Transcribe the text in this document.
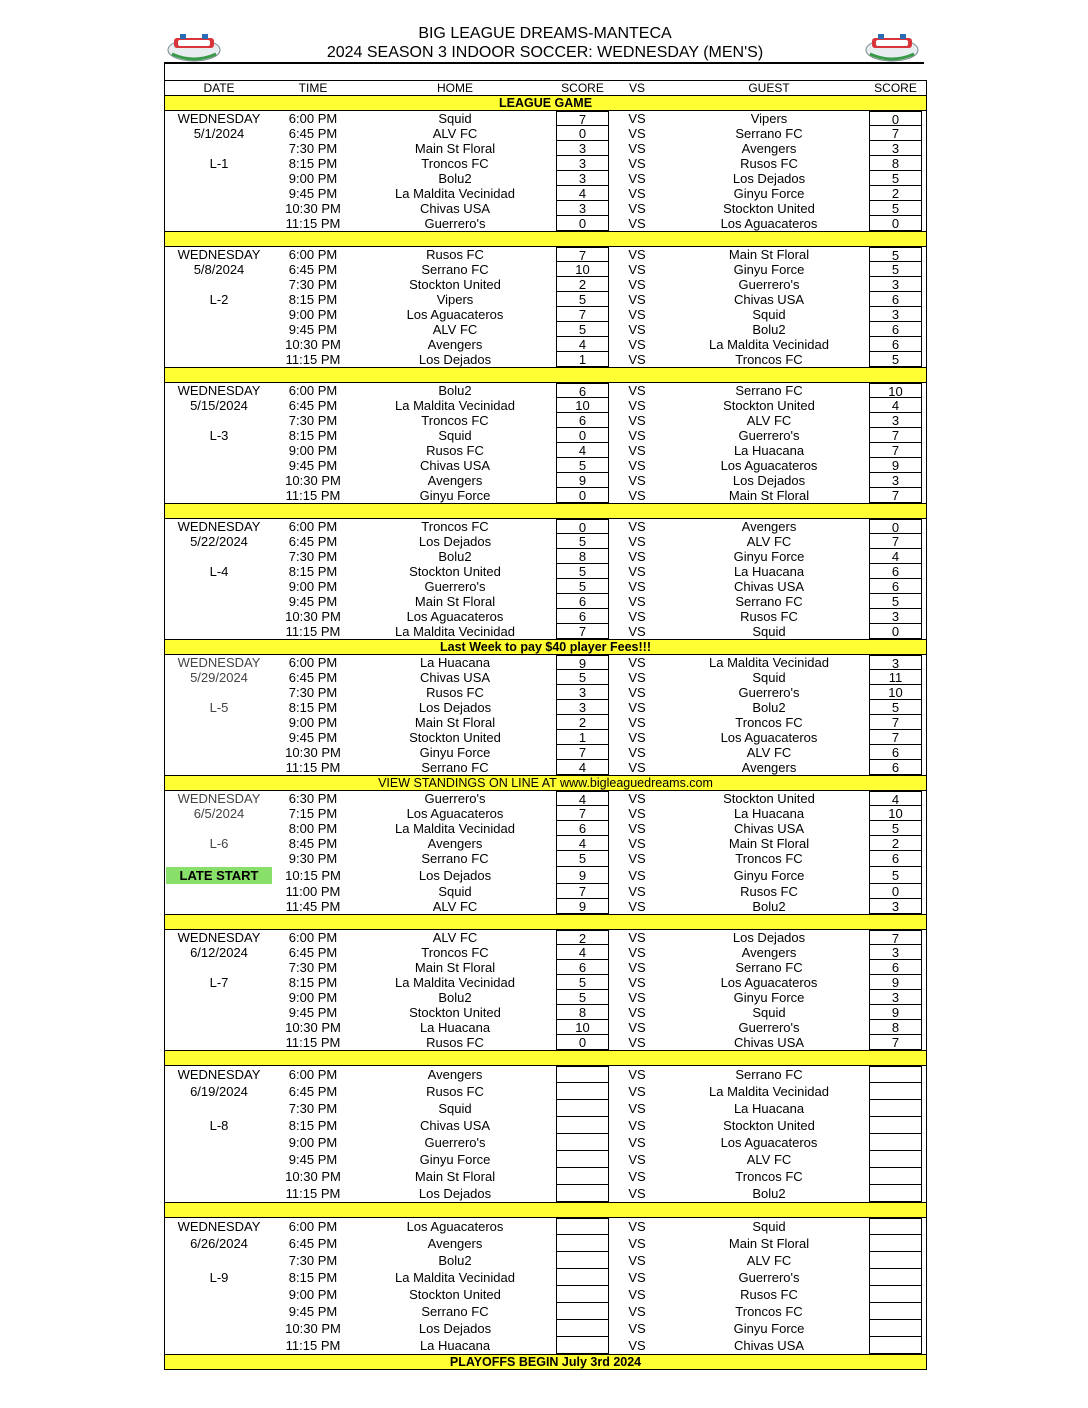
BIG LEAGUE DREAMS-MANTECA
2024 SEASON 3 INDOOR SOCCER: WEDNESDAY (MEN'S)
DATE	TIME	HOME	SCORE	VS	GUEST	SCORE
LEAGUE GAME
WEDNESDAY	6:00 PM	Squid	7	VS	Vipers	0
5/1/2024	6:45 PM	ALV FC	0	VS	Serrano FC	7
7:30 PM	Main St Floral	3	VS	Avengers	3
L-1	8:15 PM	Troncos FC	3	VS	Rusos FC	8
9:00 PM	Bolu2	3	VS	Los Dejados	5
9:45 PM	La Maldita Vecinidad	4	VS	Ginyu Force	2
10:30 PM	Chivas USA	3	VS	Stockton United	5
11:15 PM	Guerrero's	0	VS	Los Aguacateros	0
WEDNESDAY	6:00 PM	Rusos FC	7	VS	Main St Floral	5
5/8/2024	6:45 PM	Serrano FC	10	VS	Ginyu Force	5
7:30 PM	Stockton United	2	VS	Guerrero's	3
L-2	8:15 PM	Vipers	5	VS	Chivas USA	6
9:00 PM	Los Aguacateros	7	VS	Squid	3
9:45 PM	ALV FC	5	VS	Bolu2	6
10:30 PM	Avengers	4	VS	La Maldita Vecinidad	6
11:15 PM	Los Dejados	1	VS	Troncos FC	5
WEDNESDAY	6:00 PM	Bolu2	6	VS	Serrano FC	10
5/15/2024	6:45 PM	La Maldita Vecinidad	10	VS	Stockton United	4
7:30 PM	Troncos FC	6	VS	ALV FC	3
L-3	8:15 PM	Squid	0	VS	Guerrero's	7
9:00 PM	Rusos FC	4	VS	La Huacana	7
9:45 PM	Chivas USA	5	VS	Los Aguacateros	9
10:30 PM	Avengers	9	VS	Los Dejados	3
11:15 PM	Ginyu Force	0	VS	Main St Floral	7
WEDNESDAY	6:00 PM	Troncos FC	0	VS	Avengers	0
5/22/2024	6:45 PM	Los Dejados	5	VS	ALV FC	7
7:30 PM	Bolu2	8	VS	Ginyu Force	4
L-4	8:15 PM	Stockton United	5	VS	La Huacana	6
9:00 PM	Guerrero's	5	VS	Chivas USA	6
9:45 PM	Main St Floral	6	VS	Serrano FC	5
10:30 PM	Los Aguacateros	6	VS	Rusos FC	3
11:15 PM	La Maldita Vecinidad	7	VS	Squid	0
Last Week to pay $40 player Fees!!!
WEDNESDAY	6:00 PM	La Huacana	9	VS	La Maldita Vecinidad	3
5/29/2024	6:45 PM	Chivas USA	5	VS	Squid	11
7:30 PM	Rusos FC	3	VS	Guerrero's	10
L-5	8:15 PM	Los Dejados	3	VS	Bolu2	5
9:00 PM	Main St Floral	2	VS	Troncos FC	7
9:45 PM	Stockton United	1	VS	Los Aguacateros	7
10:30 PM	Ginyu Force	7	VS	ALV FC	6
11:15 PM	Serrano FC	4	VS	Avengers	6
VIEW STANDINGS ON LINE AT www.bigleaguedreams.com
WEDNESDAY	6:30 PM	Guerrero's	4	VS	Stockton United	4
6/5/2024	7:15 PM	Los Aguacateros	7	VS	La Huacana	10
8:00 PM	La Maldita Vecinidad	6	VS	Chivas USA	5
L-6	8:45 PM	Avengers	4	VS	Main St Floral	2
9:30 PM	Serrano FC	5	VS	Troncos FC	6
LATE START	10:15 PM	Los Dejados	9	VS	Ginyu Force	5
11:00 PM	Squid	7	VS	Rusos FC	0
11:45 PM	ALV FC	9	VS	Bolu2	3
WEDNESDAY	6:00 PM	ALV FC	2	VS	Los Dejados	7
6/12/2024	6:45 PM	Troncos FC	4	VS	Avengers	3
7:30 PM	Main St Floral	6	VS	Serrano FC	6
L-7	8:15 PM	La Maldita Vecinidad	5	VS	Los Aguacateros	9
9:00 PM	Bolu2	5	VS	Ginyu Force	3
9:45 PM	Stockton United	8	VS	Squid	9
10:30 PM	La Huacana	10	VS	Guerrero's	8
11:15 PM	Rusos FC	0	VS	Chivas USA	7
WEDNESDAY	6:00 PM	Avengers	VS	Serrano FC
6/19/2024	6:45 PM	Rusos FC	VS	La Maldita Vecinidad
7:30 PM	Squid	VS	La Huacana
L-8	8:15 PM	Chivas USA	VS	Stockton United
9:00 PM	Guerrero's	VS	Los Aguacateros
9:45 PM	Ginyu Force	VS	ALV FC
10:30 PM	Main St Floral	VS	Troncos FC
11:15 PM	Los Dejados	VS	Bolu2
WEDNESDAY	6:00 PM	Los Aguacateros	VS	Squid
6/26/2024	6:45 PM	Avengers	VS	Main St Floral
7:30 PM	Bolu2	VS	ALV FC
L-9	8:15 PM	La Maldita Vecinidad	VS	Guerrero's
9:00 PM	Stockton United	VS	Rusos FC
9:45 PM	Serrano FC	VS	Troncos FC
10:30 PM	Los Dejados	VS	Ginyu Force
11:15 PM	La Huacana	VS	Chivas USA
PLAYOFFS BEGIN July 3rd 2024
